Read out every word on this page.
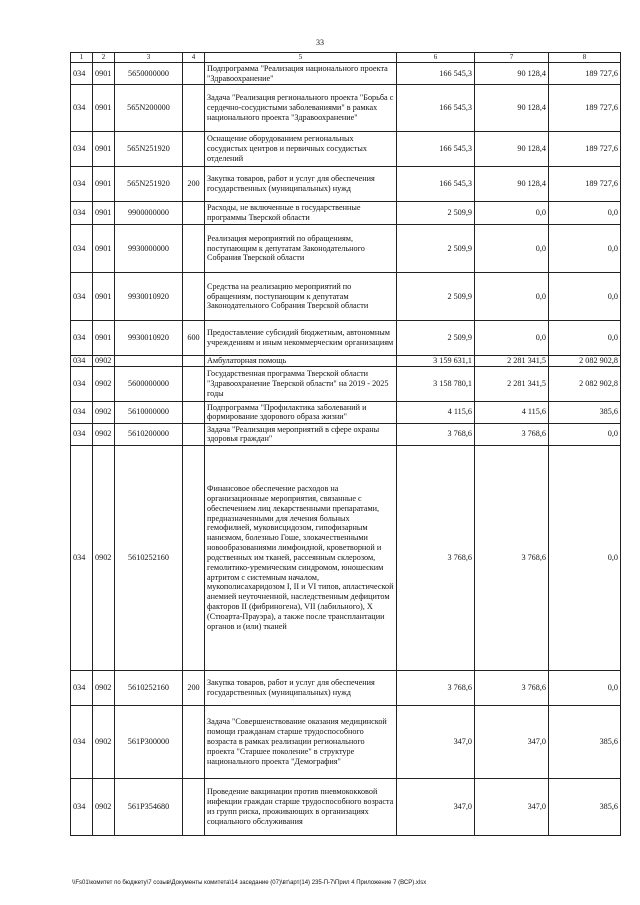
33
1	2	3	4	5	6	7	8
034	0901	5650000000		Подпрограмма "Реализация национального проекта "Здравоохранение"	166 545,3	90 128,4	189 727,6
034	0901	565N200000		Задача "Реализация регионального проекта "Борьба с сердечно-сосудистыми заболеваниями" в рамках национального проекта "Здравоохранение"	166 545,3	90 128,4	189 727,6
034	0901	565N251920		Оснащение оборудованием региональных сосудистых центров и первичных сосудистых отделений	166 545,3	90 128,4	189 727,6
034	0901	565N251920	200	Закупка товаров, работ и услуг для обеспечения государственных (муниципальных) нужд	166 545,3	90 128,4	189 727,6
034	0901	9900000000		Расходы, не включенные в государственные программы Тверской области	2 509,9	0,0	0,0
034	0901	9930000000		Реализация мероприятий по обращениям, поступающим к депутатам Законодательного Собрания Тверской области	2 509,9	0,0	0,0
034	0901	9930010920		Средства на реализацию мероприятий по обращениям, поступающим к депутатам Законодательного Собрания Тверской области	2 509,9	0,0	0,0
034	0901	9930010920	600	Предоставление субсидий бюджетным, автономным учреждениям и иным некоммерческим организациям	2 509,9	0,0	0,0
034	0902			Амбулаторная помощь	3 159 631,1	2 281 341,5	2 082 902,8
034	0902	5600000000		Государственная программа Тверской области "Здравоохранение Тверской области" на 2019 - 2025 годы	3 158 780,1	2 281 341,5	2 082 902,8
034	0902	5610000000		Подпрограмма "Профилактика заболеваний и формирование здорового образа жизни"	4 115,6	4 115,6	385,6
034	0902	5610200000		Задача "Реализация мероприятий в сфере охраны здоровья граждан"	3 768,6	3 768,6	0,0
034	0902	5610252160		Финансовое обеспечение расходов на организационные мероприятия, связанные с обеспечением лиц лекарственными препаратами, предназначенными для лечения больных гемофилией, муковисцидозом, гипофизарным нанизмом, болезнью Гоше, злокачественными новообразованиями лимфоидной, кроветворной и родственных им тканей, рассеянным склерозом, гемолитико-уремическим синдромом, юношеским артритом с системным началом, мукополисахаридозом I, II и VI типов, апластической анемией неуточненной, наследственным дефицитом факторов II (фибриногена), VII (лабильного), X (Стюарта-Прауэра), а также после трансплантации органов и (или) тканей	3 768,6	3 768,6	0,0
034	0902	5610252160	200	Закупка товаров, работ и услуг для обеспечения государственных (муниципальных) нужд	3 768,6	3 768,6	0,0
034	0902	561P300000		Задача "Совершенствование оказания медицинской помощи гражданам старше трудоспособного возраста в рамках реализации регионального проекта "Старшее поколение" в структуре национального проекта "Демография"	347,0	347,0	385,6
034	0902	561P354680		Проведение вакцинации против пневмококковой инфекции граждан старше трудоспособного возраста из групп риска, проживающих в организациях социального обслуживания	347,0	347,0	385,6
\\Fs01\комитет по бюджету\7 созыв\Документы комитета\14 заседание (07)\вт\арт(14) 235-П-7\Прил 4 Приложение 7 (ВСР).xlsx
